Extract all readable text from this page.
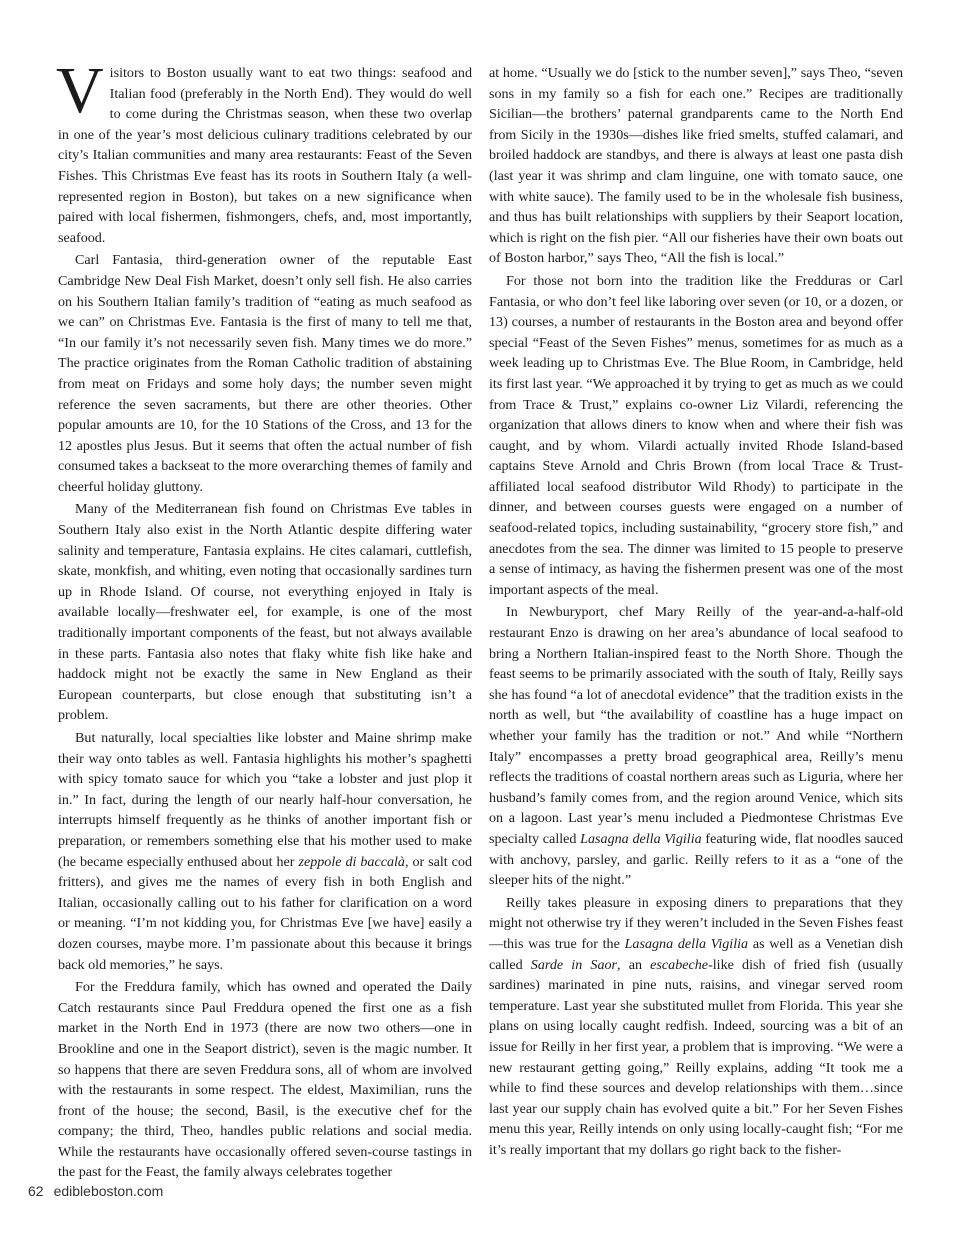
Visitors to Boston usually want to eat two things: seafood and Italian food (preferably in the North End). They would do well to come during the Christmas season, when these two overlap in one of the year’s most delicious culinary traditions celebrated by our city’s Italian communities and many area restaurants: Feast of the Seven Fishes. This Christmas Eve feast has its roots in Southern Italy (a well-represented region in Boston), but takes on a new significance when paired with local fishermen, fishmongers, chefs, and, most importantly, seafood.

Carl Fantasia, third-generation owner of the reputable East Cambridge New Deal Fish Market, doesn’t only sell fish. He also carries on his Southern Italian family’s tradition of “eating as much seafood as we can” on Christmas Eve. Fantasia is the first of many to tell me that, “In our family it’s not necessarily seven fish. Many times we do more.” The practice originates from the Roman Catholic tradition of abstaining from meat on Fridays and some holy days; the number seven might reference the seven sacraments, but there are other theories. Other popular amounts are 10, for the 10 Stations of the Cross, and 13 for the 12 apostles plus Jesus. But it seems that often the actual number of fish consumed takes a backseat to the more overarching themes of family and cheerful holiday gluttony.

Many of the Mediterranean fish found on Christmas Eve tables in Southern Italy also exist in the North Atlantic despite differing water salinity and temperature, Fantasia explains. He cites calamari, cuttlefish, skate, monkfish, and whiting, even noting that occasionally sardines turn up in Rhode Island. Of course, not everything enjoyed in Italy is available locally—freshwater eel, for example, is one of the most traditionally important components of the feast, but not always available in these parts. Fantasia also notes that flaky white fish like hake and haddock might not be exactly the same in New England as their European counterparts, but close enough that substituting isn’t a problem.

But naturally, local specialties like lobster and Maine shrimp make their way onto tables as well. Fantasia highlights his mother’s spaghetti with spicy tomato sauce for which you “take a lobster and just plop it in.” In fact, during the length of our nearly half-hour conversation, he interrupts himself frequently as he thinks of another important fish or preparation, or remembers something else that his mother used to make (he became especially enthused about her zeppole di baccalà, or salt cod fritters), and gives me the names of every fish in both English and Italian, occasionally calling out to his father for clarification on a word or meaning. “I’m not kidding you, for Christmas Eve [we have] easily a dozen courses, maybe more. I’m passionate about this because it brings back old memories,” he says.

For the Freddura family, which has owned and operated the Daily Catch restaurants since Paul Freddura opened the first one as a fish market in the North End in 1973 (there are now two others—one in Brookline and one in the Seaport district), seven is the magic number. It so happens that there are seven Freddura sons, all of whom are involved with the restaurants in some respect. The eldest, Maximilian, runs the front of the house; the second, Basil, is the executive chef for the company; the third, Theo, handles public relations and social media. While the restaurants have occasionally offered seven-course tastings in the past for the Feast, the family always celebrates together

at home. “Usually we do [stick to the number seven],” says Theo, “seven sons in my family so a fish for each one.” Recipes are traditionally Sicilian—the brothers’ paternal grandparents came to the North End from Sicily in the 1930s—dishes like fried smelts, stuffed calamari, and broiled haddock are standbys, and there is always at least one pasta dish (last year it was shrimp and clam linguine, one with tomato sauce, one with white sauce). The family used to be in the wholesale fish business, and thus has built relationships with suppliers by their Seaport location, which is right on the fish pier. “All our fisheries have their own boats out of Boston harbor,” says Theo, “All the fish is local.”

For those not born into the tradition like the Fredduras or Carl Fantasia, or who don’t feel like laboring over seven (or 10, or a dozen, or 13) courses, a number of restaurants in the Boston area and beyond offer special “Feast of the Seven Fishes” menus, sometimes for as much as a week leading up to Christmas Eve. The Blue Room, in Cambridge, held its first last year. “We approached it by trying to get as much as we could from Trace & Trust,” explains co-owner Liz Vilardi, referencing the organization that allows diners to know when and where their fish was caught, and by whom. Vilardi actually invited Rhode Island-based captains Steve Arnold and Chris Brown (from local Trace & Trust-affiliated local seafood distributor Wild Rhody) to participate in the dinner, and between courses guests were engaged on a number of seafood-related topics, including sustainability, “grocery store fish,” and anecdotes from the sea. The dinner was limited to 15 people to preserve a sense of intimacy, as having the fishermen present was one of the most important aspects of the meal.

In Newburyport, chef Mary Reilly of the year-and-a-half-old restaurant Enzo is drawing on her area’s abundance of local seafood to bring a Northern Italian-inspired feast to the North Shore. Though the feast seems to be primarily associated with the south of Italy, Reilly says she has found “a lot of anecdotal evidence” that the tradition exists in the north as well, but “the availability of coastline has a huge impact on whether your family has the tradition or not.” And while “Northern Italy” encompasses a pretty broad geographical area, Reilly’s menu reflects the traditions of coastal northern areas such as Liguria, where her husband’s family comes from, and the region around Venice, which sits on a lagoon. Last year’s menu included a Piedmontese Christmas Eve specialty called Lasagna della Vigilia featuring wide, flat noodles sauced with anchovy, parsley, and garlic. Reilly refers to it as a “one of the sleeper hits of the night.”

Reilly takes pleasure in exposing diners to preparations that they might not otherwise try if they weren’t included in the Seven Fishes feast—this was true for the Lasagna della Vigilia as well as a Venetian dish called Sarde in Saor, an escabeche-like dish of fried fish (usually sardines) marinated in pine nuts, raisins, and vinegar served room temperature. Last year she substituted mullet from Florida. This year she plans on using locally caught redfish. Indeed, sourcing was a bit of an issue for Reilly in her first year, a problem that is improving. “We were a new restaurant getting going,” Reilly explains, adding “It took me a while to find these sources and develop relationships with them…since last year our supply chain has evolved quite a bit.” For her Seven Fishes menu this year, Reilly intends on only using locally-caught fish; “For me it’s really important that my dollars go right back to the fisher-

62 edibleboston.com
